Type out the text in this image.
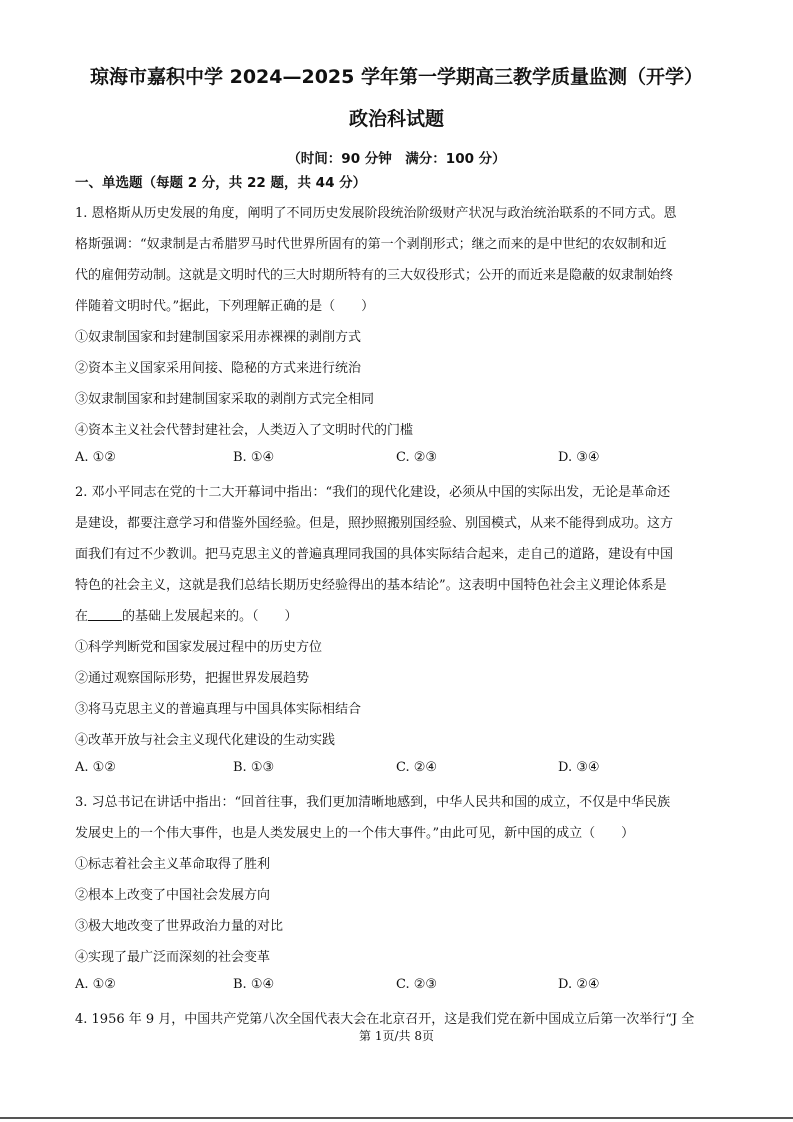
琼海市嘉积中学 2024—2025 学年第一学期高三教学质量监测（开学）
政治科试题
（时间：90 分钟　满分：100 分）
一、单选题（每题 2 分，共 22 题，共 44 分）
1. 恩格斯从历史发展的角度，阐明了不同历史发展阶段统治阶级财产状况与政治统治联系的不同方式。恩
格斯强调：“奴隶制是古希腊罗马时代世界所固有的第一个剥削形式；继之而来的是中世纪的农奴制和近
代的雇佣劳动制。这就是文明时代的三大时期所特有的三大奴役形式；公开的而近来是隐蔽的奴隶制始终
伴随着文明时代。”据此，下列理解正确的是（　　）
①奴隶制国家和封建制国家采用赤裸裸的剥削方式
②资本主义国家采用间接、隐秘的方式来进行统治
③奴隶制国家和封建制国家采取的剥削方式完全相同
④资本主义社会代替封建社会，人类迈入了文明时代的门槛
A. ①②	B. ①④	C. ②③	D. ③④
2. 邓小平同志在党的十二大开幕词中指出：“我们的现代化建设，必须从中国的实际出发，无论是革命还
是建设，都要注意学习和借鉴外国经验。但是，照抄照搬别国经验、别国模式，从来不能得到成功。这方
面我们有过不少教训。把马克思主义的普遍真理同我国的具体实际结合起来，走自己的道路，建设有中国
特色的社会主义，这就是我们总结长期历史经验得出的基本结论”。这表明中国特色社会主义理论体系是
在	的基础上发展起来的。（　　）
①科学判断党和国家发展过程中的历史方位
②通过观察国际形势，把握世界发展趋势
③将马克思主义的普遍真理与中国具体实际相结合
④改革开放与社会主义现代化建设的生动实践
A. ①②	B. ①③	C. ②④	D. ③④
3. 习总书记在讲话中指出：“回首往事，我们更加清晰地感到，中华人民共和国的成立，不仅是中华民族
发展史上的一个伟大事件，也是人类发展史上的一个伟大事件。”由此可见，新中国的成立（　　）
①标志着社会主义革命取得了胜利
②根本上改变了中国社会发展方向
③极大地改变了世界政治力量的对比
④实现了最广泛而深刻的社会变革
A. ①②	B. ①④	C. ②③	D. ②④
4. 1956 年 9 月，中国共产党第八次全国代表大会在北京召开，这是我们党在新中国成立后第一次举行“J 全
第 1页/共 8页
